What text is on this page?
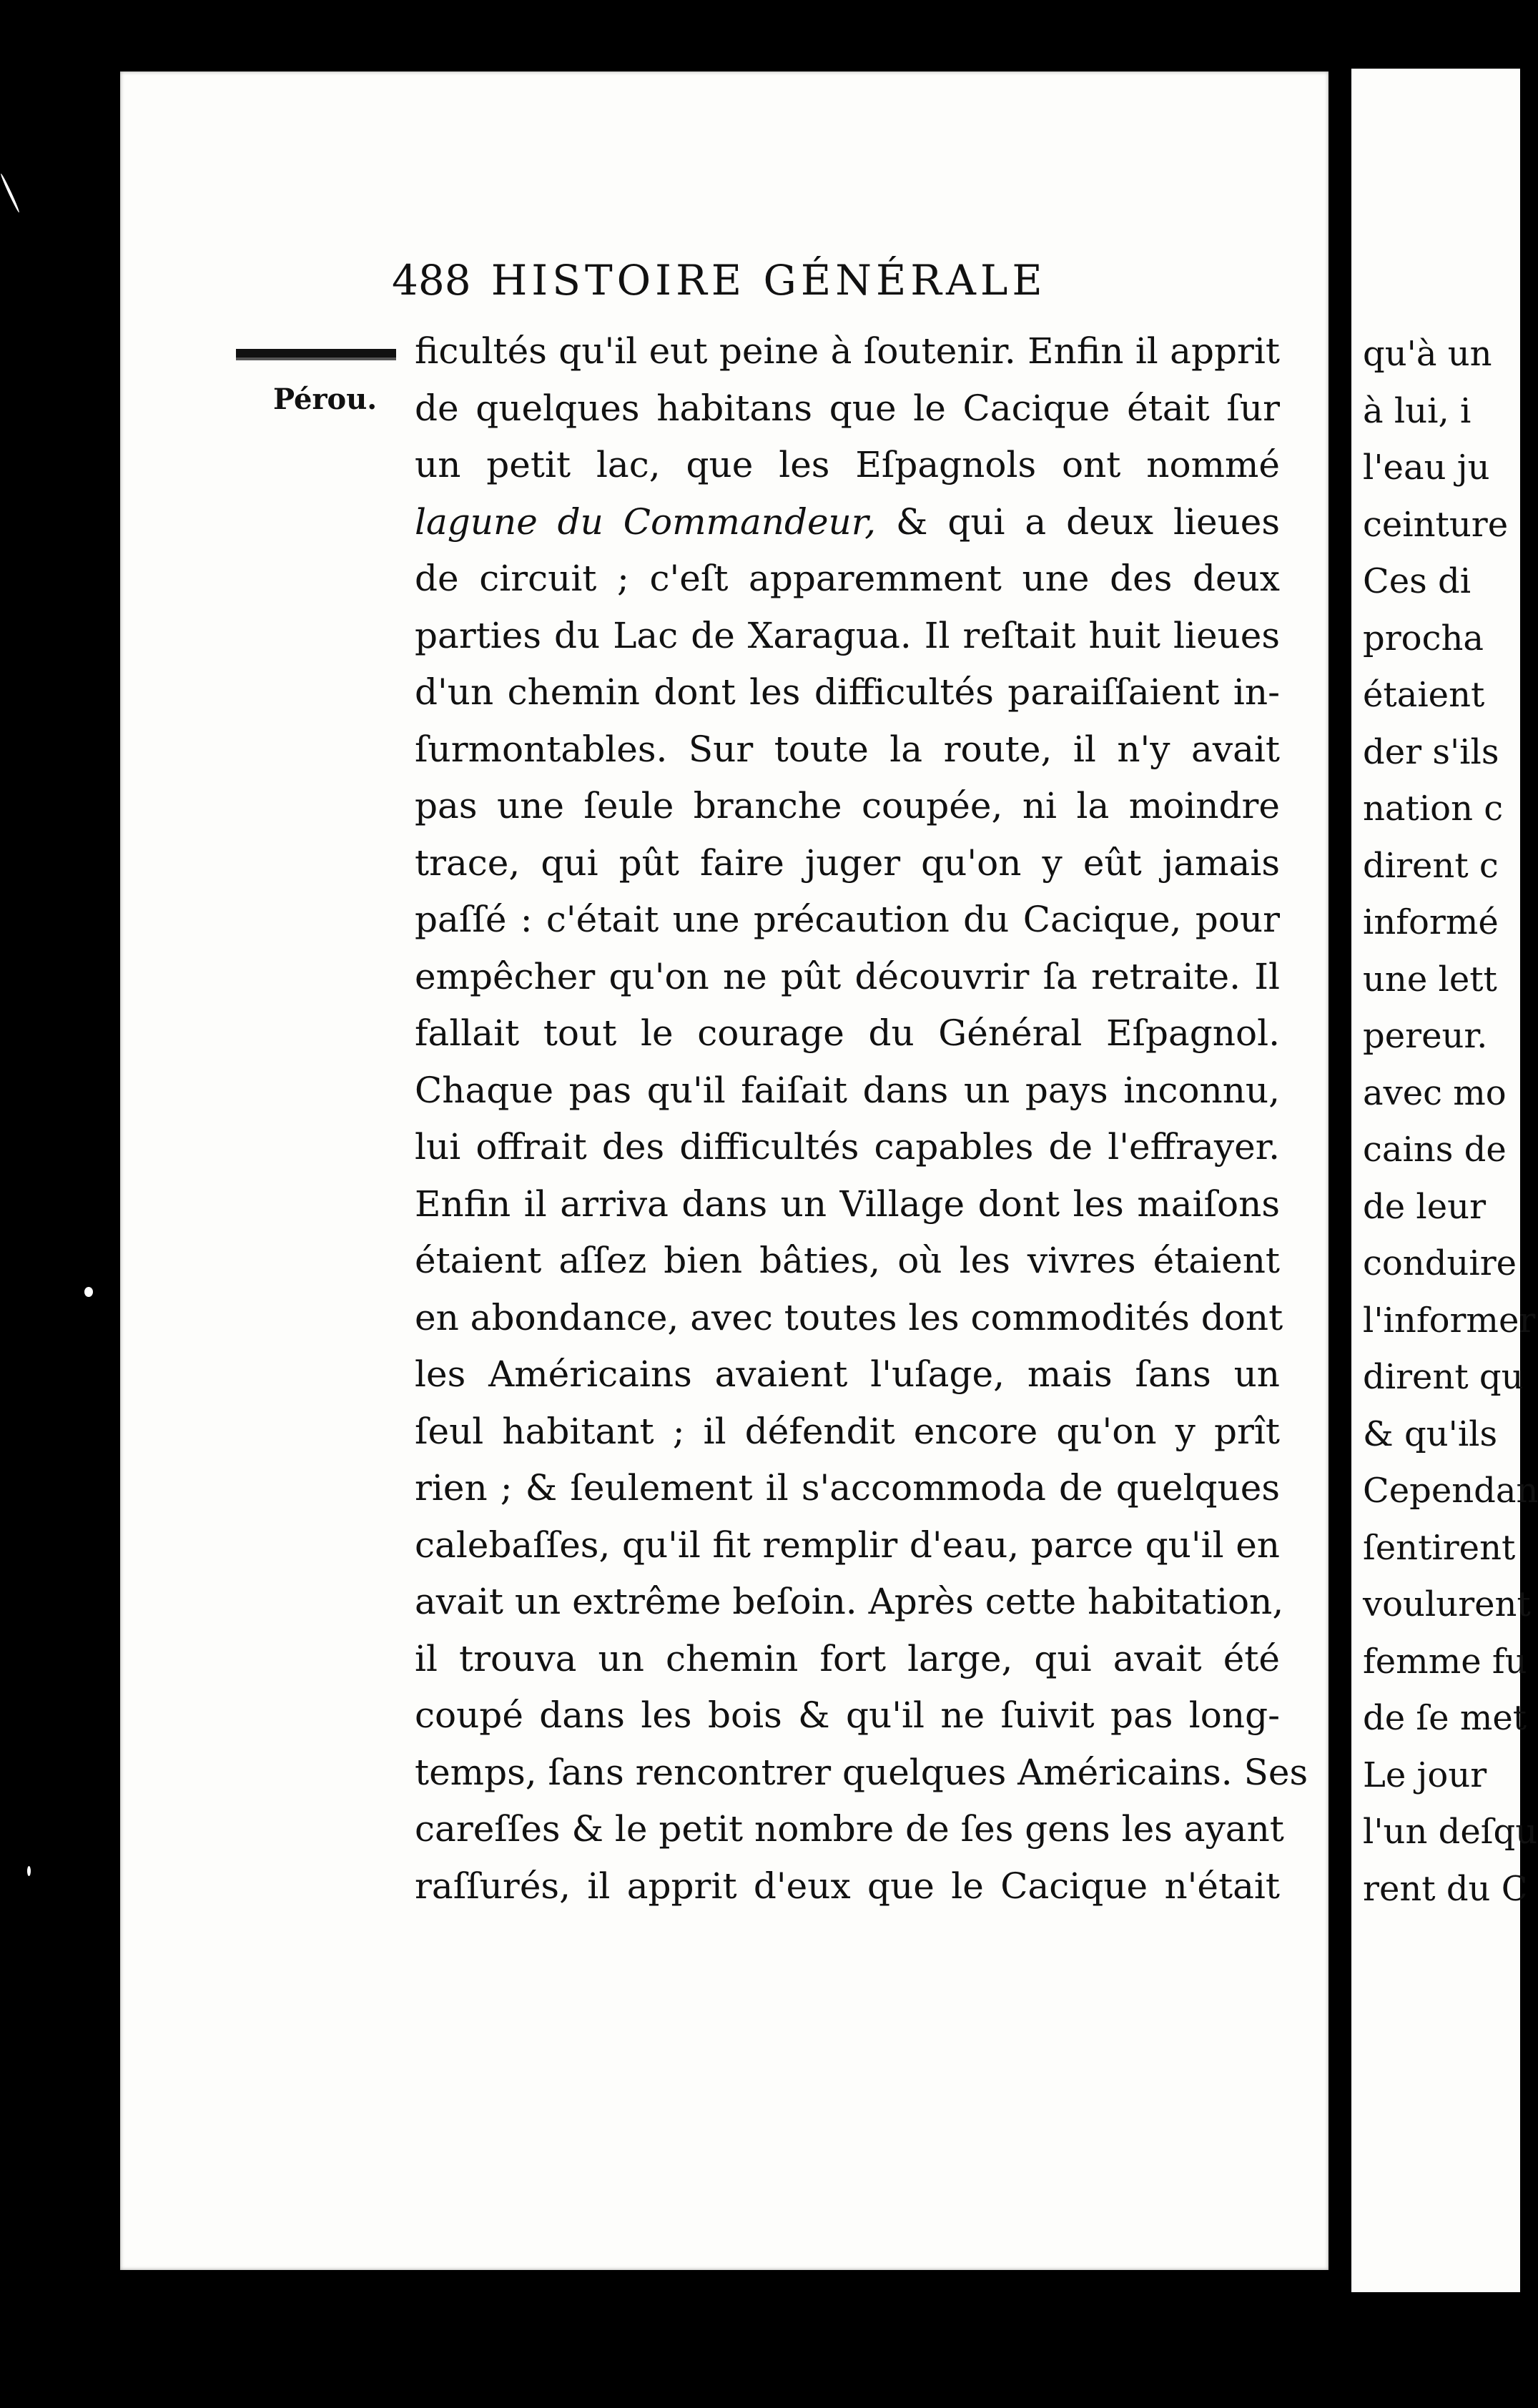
488 HISTOIRE GÉNÉRALE
Pérou.
ficultés qu'il eut peine à ſoutenir. Enfin il apprit
de quelques habitans que le Cacique était ſur
un petit lac, que les Eſpagnols ont nommé
lagune du Commandeur, & qui a deux lieues
de circuit ; c'eſt apparemment une des deux
parties du Lac de Xaragua. Il reſtait huit lieues
d'un chemin dont les difficultés paraiſſaient in-
ſurmontables. Sur toute la route, il n'y avait
pas une ſeule branche coupée, ni la moindre
trace, qui pût faire juger qu'on y eût jamais
paſſé : c'était une précaution du Cacique, pour
empêcher qu'on ne pût découvrir ſa retraite. Il
fallait tout le courage du Général Eſpagnol.
Chaque pas qu'il faiſait dans un pays inconnu,
lui offrait des difficultés capables de l'effrayer.
Enfin il arriva dans un Village dont les maiſons
étaient aſſez bien bâties, où les vivres étaient
en abondance, avec toutes les commodités dont
les Américains avaient l'uſage, mais ſans un
ſeul habitant ; il défendit encore qu'on y prît
rien ; & ſeulement il s'accommoda de quelques
calebaſſes, qu'il fit remplir d'eau, parce qu'il en
avait un extrême beſoin. Après cette habitation,
il trouva un chemin fort large, qui avait été
coupé dans les bois & qu'il ne ſuivit pas long-
temps, ſans rencontrer quelques Américains. Ses
careſſes & le petit nombre de ſes gens les ayant
raſſurés, il apprit d'eux que le Cacique n'était
qu'à un
à lui, i
l'eau ju
ceinture
Ces di
procha
étaient
der s'ils
nation c
dirent c
informé
une lett
pereur.
avec mo
cains de
de leur
conduire
l'informer
dirent qu
& qu'ils
Cependan
ſentirent
voulurent
femme fu
de ſe met
Le jour
l'un deſqu
rent du C
